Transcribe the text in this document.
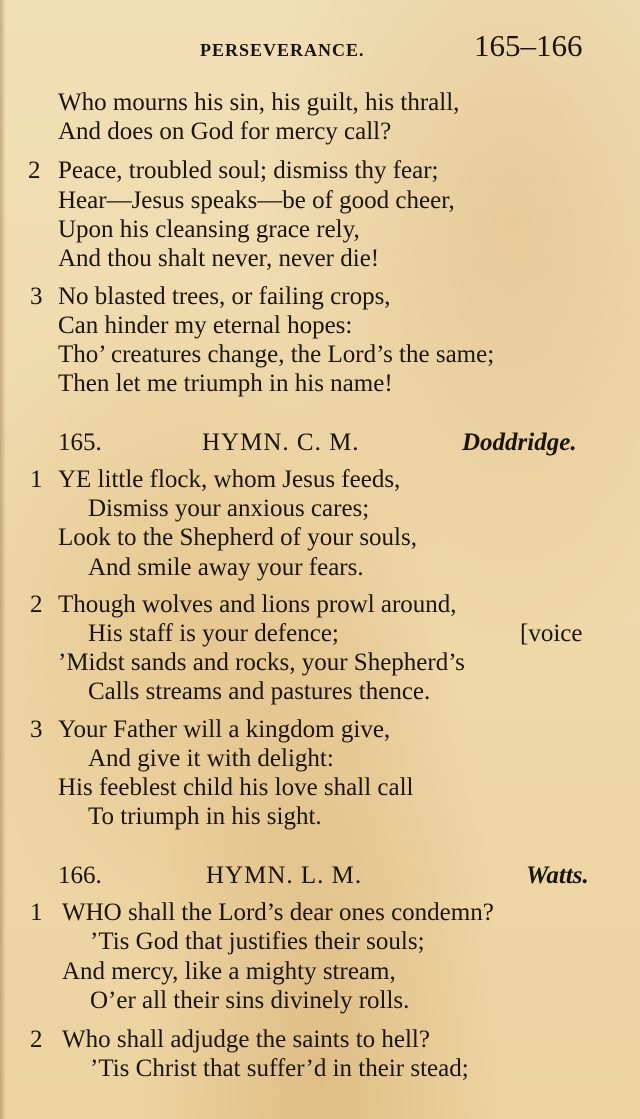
PERSEVERANCE.	165–166
Who mourns his sin, his guilt, his thrall,
And does on God for mercy call?
2 Peace, troubled soul; dismiss thy fear;
Hear—Jesus speaks—be of good cheer,
Upon his cleansing grace rely,
And thou shalt never, never die!
3 No blasted trees, or failing crops,
Can hinder my eternal hopes:
Tho’ creatures change, the Lord’s the same;
Then let me triumph in his name!
165.	HYMN. C. M.	Doddridge.
1 YE little flock, whom Jesus feeds,
Dismiss your anxious cares;
Look to the Shepherd of your souls,
And smile away your fears.
2 Though wolves and lions prowl around,
His staff is your defence;	[voice
’Midst sands and rocks, your Shepherd’s
Calls streams and pastures thence.
3 Your Father will a kingdom give,
And give it with delight:
His feeblest child his love shall call
To triumph in his sight.
166.	HYMN. L. M.	Watts.
1 WHO shall the Lord’s dear ones condemn?
’Tis God that justifies their souls;
And mercy, like a mighty stream,
O’er all their sins divinely rolls.
2 Who shall adjudge the saints to hell?
’Tis Christ that suffer’d in their stead;
